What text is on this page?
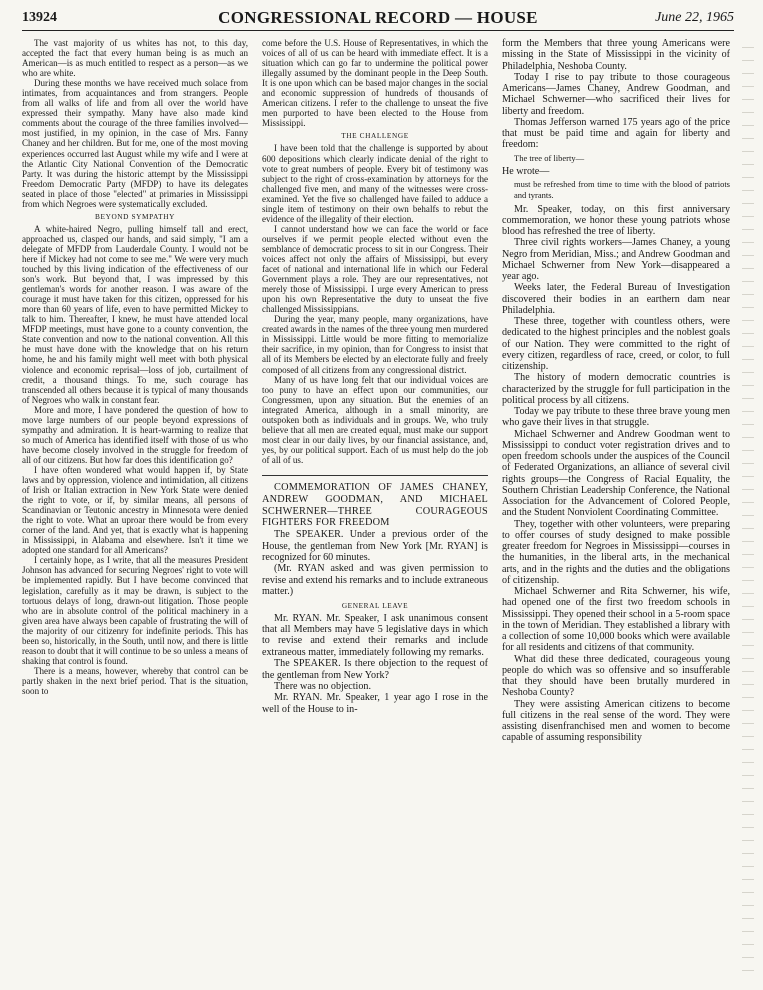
13924	CONGRESSIONAL RECORD — HOUSE	June 22, 1965

The vast majority of us whites has not, to this day, accepted the fact that every human being is as much an American—is as much entitled to respect as a person—as we who are white.

During these months we have received much solace from intimates, from acquaintances and from strangers. People from all walks of life and from all over the world have expressed their sympathy. Many have also made kind comments about the courage of the three families involved—most justified, in my opinion, in the case of Mrs. Fanny Chaney and her children. But for me, one of the most moving experiences occurred last August while my wife and I were at the Atlantic City National Convention of the Democratic Party. It was during the historic attempt by the Mississippi Freedom Democratic Party (MFDP) to have its delegates seated in place of those "elected" at primaries in Mississippi from which Negroes were systematically excluded.

BEYOND SYMPATHY

A white-haired Negro, pulling himself tall and erect, approached us, clasped our hands, and said simply, "I am a delegate of MFDP from Lauderdale County. I would not be here if Mickey had not come to see me." We were very much touched by this living indication of the effectiveness of our son's work. But beyond that, I was impressed by this gentleman's words for another reason. I was aware of the courage it must have taken for this citizen, oppressed for his more than 60 years of life, even to have permitted Mickey to talk to him. Thereafter, I knew, he must have attended local MFDP meetings, must have gone to a county convention, the State convention and now to the national convention. All this he must have done with the knowledge that on his return home, he and his family might well meet with both physical violence and economic reprisal—loss of job, curtailment of credit, a thousand things. To me, such courage has transcended all others because it is typical of many thousands of Negroes who walk in constant fear.

More and more, I have pondered the question of how to move large numbers of our people beyond expressions of sympathy and admiration. It is heart-warming to realize that so much of America has identified itself with those of us who have become closely involved in the struggle for freedom of all of our citizens. But how far does this identification go?

I have often wondered what would happen if, by State laws and by oppression, violence and intimidation, all citizens of Irish or Italian extraction in New York State were denied the right to vote, or if, by similar means, all persons of Scandinavian or Teutonic ancestry in Minnesota were denied the right to vote. What an uproar there would be from every corner of the land. And yet, that is exactly what is happening in Mississippi, in Alabama and elsewhere. Isn't it time we adopted one standard for all Americans?

I certainly hope, as I write, that all the measures President Johnson has advanced for securing Negroes' right to vote will be implemented rapidly. But I have become convinced that legislation, carefully as it may be drawn, is subject to the tortuous delays of long, drawn-out litigation. Those people who are in absolute control of the political machinery in a given area have always been capable of frustrating the will of the majority of our citizenry for indefinite periods. This has been so, historically, in the South, until now, and there is little reason to doubt that it will continue to be so unless a means of shaking that control is found.

There is a means, however, whereby that control can be partly shaken in the next brief period. That is the situation, soon to

come before the U.S. House of Representatives, in which the voices of all of us can be heard with immediate effect. It is a situation which can go far to undermine the political power illegally assumed by the dominant people in the Deep South. It is one upon which can be based major changes in the social and economic suppression of hundreds of thousands of American citizens. I refer to the challenge to unseat the five men purported to have been elected to the House from Mississippi.

THE CHALLENGE

I have been told that the challenge is supported by about 600 depositions which clearly indicate denial of the right to vote to great numbers of people. Every bit of testimony was subject to the right of cross-examination by attorneys for the challenged five men, and many of the witnesses were cross-examined. Yet the five so challenged have failed to adduce a single item of testimony on their own behalfs to rebut the evidence of the illegality of their election.

I cannot understand how we can face the world or face ourselves if we permit people elected without even the semblance of democratic process to sit in our Congress. Their voices affect not only the affairs of Mississippi, but every facet of national and international life in which our Federal Government plays a role. They are our representatives, not merely those of Mississippi. I urge every American to press upon his own Representative the duty to unseat the five challenged Mississippians.

During the year, many people, many organizations, have created awards in the names of the three young men murdered in Mississippi. Little would be more fitting to memorialize their sacrifice, in my opinion, than for Congress to insist that all of its Members be elected by an electorate fully and freely composed of all citizens from any congressional district.

Many of us have long felt that our individual voices are too puny to have an effect upon our communities, our Congressmen, upon any situation. But the enemies of an integrated America, although in a small minority, are outspoken both as individuals and in groups. We, who truly believe that all men are created equal, must make our support most clear in our daily lives, by our financial assistance, and, yes, by our political support. Each of us must help do the job of all of us.

COMMEMORATION OF JAMES CHANEY, ANDREW GOODMAN, AND MICHAEL SCHWERNER—THREE COURAGEOUS FIGHTERS FOR FREEDOM

The SPEAKER. Under a previous order of the House, the gentleman from New York [Mr. RYAN] is recognized for 60 minutes.

(Mr. RYAN asked and was given permission to revise and extend his remarks and to include extraneous matter.)

GENERAL LEAVE

Mr. RYAN. Mr. Speaker, I ask unanimous consent that all Members may have 5 legislative days in which to revise and extend their remarks and include extraneous matter, immediately following my remarks.

The SPEAKER. Is there objection to the request of the gentleman from New York?

There was no objection.

Mr. RYAN. Mr. Speaker, 1 year ago I rose in the well of the House to in-

form the Members that three young Americans were missing in the State of Mississippi in the vicinity of Philadelphia, Neshoba County.

Today I rise to pay tribute to those courageous Americans—James Chaney, Andrew Goodman, and Michael Schwerner—who sacrificed their lives for liberty and freedom.

Thomas Jefferson warned 175 years ago of the price that must be paid time and again for liberty and freedom:

The tree of liberty—

He wrote—

must be refreshed from time to time with the blood of patriots and tyrants.

Mr. Speaker, today, on this first anniversary commemoration, we honor these young patriots whose blood has refreshed the tree of liberty.

Three civil rights workers—James Chaney, a young Negro from Meridian, Miss.; and Andrew Goodman and Michael Schwerner from New York—disappeared a year ago.

Weeks later, the Federal Bureau of Investigation discovered their bodies in an earthern dam near Philadelphia.

These three, together with countless others, were dedicated to the highest principles and the noblest goals of our Nation. They were committed to the right of every citizen, regardless of race, creed, or color, to full citizenship.

The history of modern democratic countries is characterized by the struggle for full participation in the political process by all citizens.

Today we pay tribute to these three brave young men who gave their lives in that struggle.

Michael Schwerner and Andrew Goodman went to Mississippi to conduct voter registration drives and to open freedom schools under the auspices of the Council of Federated Organizations, an alliance of several civil rights groups—the Congress of Racial Equality, the Southern Christian Leadership Conference, the National Association for the Advancement of Colored People, and the Student Nonviolent Coordinating Committee.

They, together with other volunteers, were preparing to offer courses of study designed to make possible greater freedom for Negroes in Mississippi—courses in the humanities, in the liberal arts, in the mechanical arts, and in the rights and the duties and the obligations of citizenship.

Michael Schwerner and Rita Schwerner, his wife, had opened one of the first two freedom schools in Mississippi. They opened their school in a 5-room space in the town of Meridian. They established a library with a collection of some 10,000 books which were available for all residents and citizens of that community.

What did these three dedicated, courageous young people do which was so offensive and so insufferable that they should have been brutally murdered in Neshoba County?

They were assisting American citizens to become full citizens in the real sense of the word. They were assisting disenfranchised men and women to become capable of assuming responsibility
